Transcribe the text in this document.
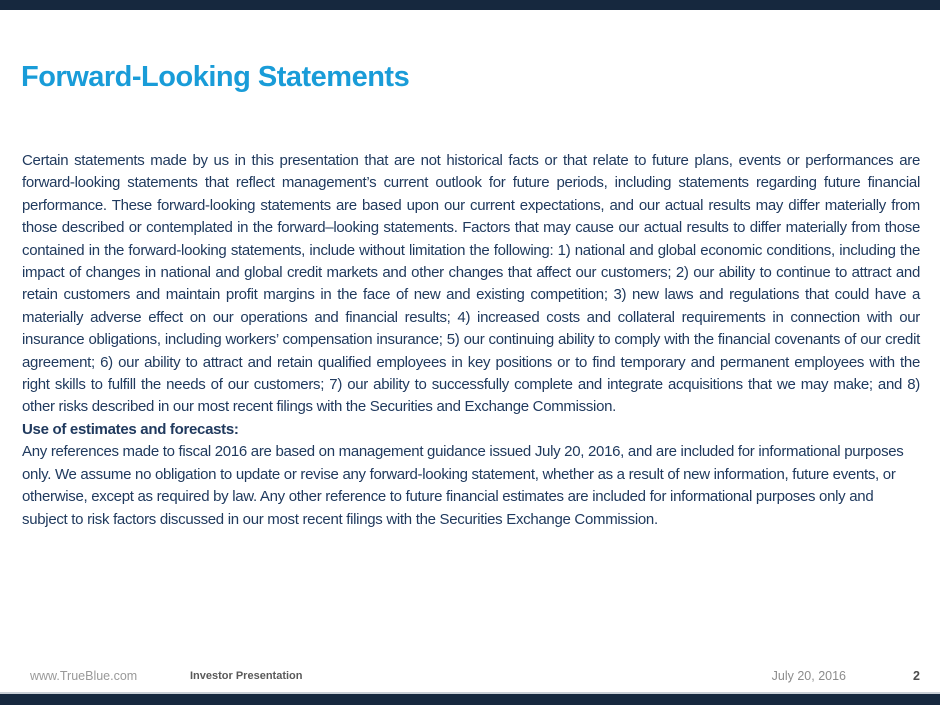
Forward-Looking Statements

Certain statements made by us in this presentation that are not historical facts or that relate to future plans, events or performances are forward-looking statements that reflect management’s current outlook for future periods, including statements regarding future financial performance. These forward-looking statements are based upon our current expectations, and our actual results may differ materially from those described or contemplated in the forward–looking statements. Factors that may cause our actual results to differ materially from those contained in the forward-looking statements, include without limitation the following: 1) national and global economic conditions, including the impact of changes in national and global credit markets and other changes that affect our customers; 2) our ability to continue to attract and retain customers and maintain profit margins in the face of new and existing competition; 3) new laws and regulations that could have a materially adverse effect on our operations and financial results; 4) increased costs and collateral requirements in connection with our insurance obligations, including workers’ compensation insurance; 5) our continuing ability to comply with the financial covenants of our credit agreement; 6) our ability to attract and retain qualified employees in key positions or to find temporary and permanent employees with the right skills to fulfill the needs of our customers; 7) our ability to successfully complete and integrate acquisitions that we may make; and 8) other risks described in our most recent filings with the Securities and Exchange Commission.

Use of estimates and forecasts:

Any references made to fiscal 2016 are based on management guidance issued July 20, 2016, and are included for informational purposes only. We assume no obligation to update or revise any forward-looking statement, whether as a result of new information, future events, or otherwise, except as required by law. Any other reference to future financial estimates are included for informational purposes only and subject to risk factors discussed in our most recent filings with the Securities Exchange Commission.

www.TrueBlue.com	Investor Presentation	July 20, 2016	2
